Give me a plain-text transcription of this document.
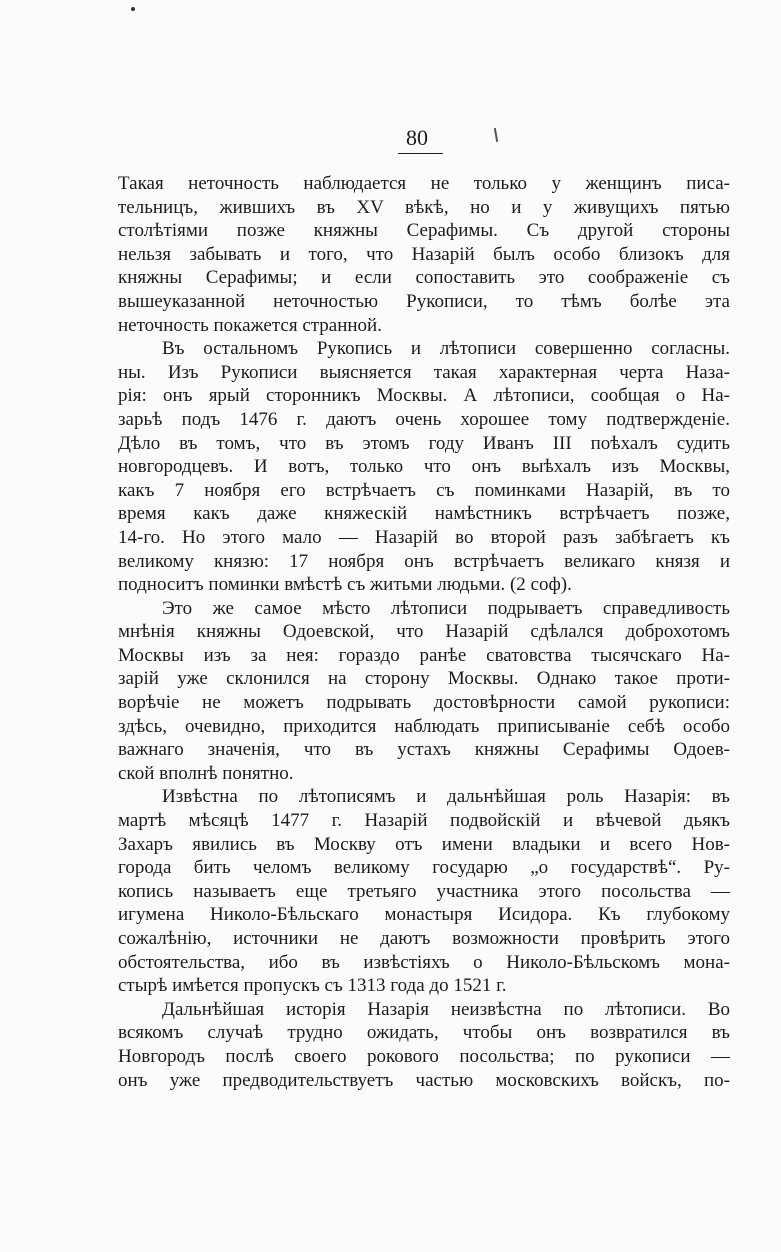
80
Такая неточность наблюдается не только у женщинъ писа-
тельницъ, жившихъ въ XV вѣкѣ, но и у живущихъ пятью
столѣтіями позже княжны Серафимы. Съ другой стороны
нельзя забывать и того, что Назарій былъ особо близокъ для
княжны Серафимы; и если сопоставить это соображеніе съ
вышеуказанной неточностью Рукописи, то тѣмъ болѣе эта
неточность покажется странной.
Въ остальномъ Рукопись и лѣтописи совершенно согласны.
ны. Изъ Рукописи выясняется такая характерная черта Наза-
рія: онъ ярый сторонникъ Москвы. А лѣтописи, сообщая о На-
зарьѣ подъ 1476 г. даютъ очень хорошее тому подтвержденіе.
Дѣло въ томъ, что въ этомъ году Иванъ III поѣхалъ судить
новгородцевъ. И вотъ, только что онъ выѣхалъ изъ Москвы,
какъ 7 ноября его встрѣчаетъ съ поминками Назарій, въ то
время какъ даже княжескій намѣстникъ встрѣчаетъ позже,
14-го. Но этого мало — Назарій во второй разъ забѣгаетъ къ
великому князю: 17 ноября онъ встрѣчаетъ великаго князя и
подноситъ поминки вмѣстѣ съ житьми людьми. (2 соф).
Это же самое мѣсто лѣтописи подрываетъ справедливость
мнѣнія княжны Одоевской, что Назарій сдѣлался доброхотомъ
Москвы изъ за нея: гораздо ранѣе сватовства тысячскаго На-
зарій уже склонился на сторону Москвы. Однако такое проти-
ворѣчіе не можетъ подрывать достовѣрности самой рукописи:
здѣсь, очевидно, приходится наблюдать приписываніе себѣ особо
важнаго значенія, что въ устахъ княжны Серафимы Одоев-
ской вполнѣ понятно.
Извѣстна по лѣтописямъ и дальнѣйшая роль Назарія: въ
мартѣ мѣсяцѣ 1477 г. Назарій подвойскій и вѣчевой дьякъ
Захаръ явились въ Москву отъ имени владыки и всего Нов-
города бить челомъ великому государю „о государствѣ“. Ру-
копись называетъ еще третьяго участника этого посольства —
игумена Николо-Бѣльскаго монастыря Исидора. Къ глубокому
сожалѣнію, источники не даютъ возможности провѣрить этого
обстоятельства, ибо въ извѣстіяхъ о Николо-Бѣльскомъ мона-
стырѣ имѣется пропускъ съ 1313 года до 1521 г.
Дальнѣйшая исторія Назарія неизвѣстна по лѣтописи. Во
всякомъ случаѣ трудно ожидать, чтобы онъ возвратился въ
Новгородъ послѣ своего рокового посольства; по рукописи —
онъ уже предводительствуетъ частью московскихъ войскъ, по-
